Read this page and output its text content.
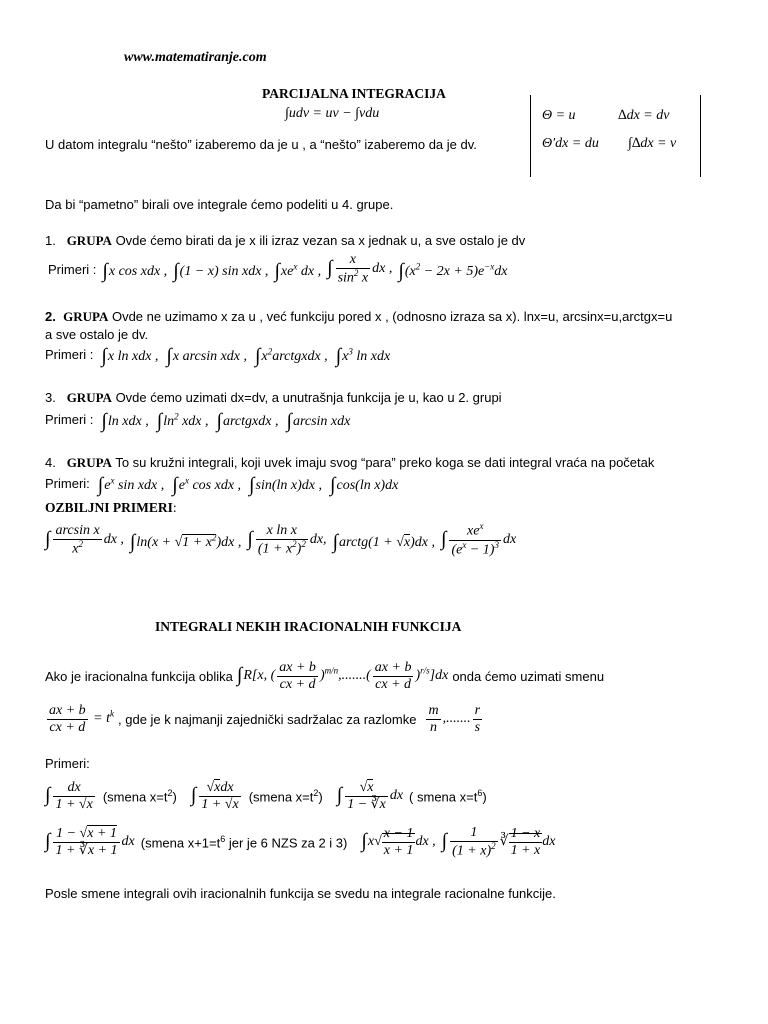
www.matematiranje.com
PARCIJALNA INTEGRACIJA
∫udv = uv − ∫vdu	Θ = u	∆dx = dv
Θ′dx = du ∫∆dx = v
U datom integralu “nešto” izaberemo da je u , a “nešto” izaberemo da je dv.
Da bi “pametno” birali ove integrale ćemo podeliti u 4. grupe.
1. GRUPA Ovde ćemo birati da je x ili izraz vezan sa x jednak u, a sve ostalo je dv
Primeri : ∫x cos xdx , ∫(1 − x) sin xdx , $\int xe^x$ dx , ∫ $\frac{x}{\sin^2 x}$ dx , $\int(x^2 - 2x + 5)e^{-x}dx$
2. GRUPA Ovde ne uzimamo x za u , već funkciju pored x , (odnosno izraza sa x). lnx=u, arcsinx=u,arctgx=u
a sve ostalo je dv.
Primeri : ∫x ln xdx , ∫x arcsin xdx , $\int x^2arctgxdx$ , $\int x^3$ ln xdx
3. GRUPA Ovde ćemo uzimati dx=dv, a unutrašnja funkcija je u, kao u 2. grupi
Primeri : ∫ln xdx , $\int\ln^2$ xdx , ∫arctgxdx , ∫arcsin xdx
4. GRUPA To su kružni integrali, koji uvek imaju svog “para” preko koga se dati integral vraća na početak
Primeri: $\int e^x$ sin xdx , $\int e^x$ cos xdx , ∫sin(ln x)dx , ∫cos(ln x)dx
OZBILJNI PRIMERI:
∫ $\frac{\text{arcsin x}}{x^2}$ dx , $\int\ln(x + √1 + x^2)dx$ , ∫ $\frac{\text{x ln x}}{(1 + x^2)^2}$ dx, ∫arctg(1 + √x)dx , ∫	$xe^x$
$(e^x - 1)^3$ dx
INTEGRALI NEKIH IRACIONALNIH FUNKCIJA
Ako je iracionalna funkcija oblika ∫R[x, ( $\frac{ax + b}{cx + d} )^{m/n},.......( \frac{ax + b}{cx + d} )^{r/s}]dx$ onda ćemo uzimati smenu
$\frac{ax + b}{cx + d} = t^k$ , gde je k najmanji zajednički sadržalac za razlomke $\frac{m}{n}$ ,....... $\frac{r}{s}$
Primeri:
∫ $\frac{dx}{1 + √x}$ (smena $x=t^2$) ∫ √xdx
1 + √x (smena $x=t^2$) ∫ $\frac{√x}{1 - ∛x}$ dx ( smena $x=t^6$)
∫ $\frac{1 - √x + 1}{1 + ∛x + 1}$ dx (smena $x+1=t^6$ jer je 6 NZS za 2 i 3) $\int x√ \frac{x - 1}{x + 1}$ dx , ∫ $\frac{1}{(1 + x)^2}$ ∛ $\frac{1 - x}{1 + x}$ dx
Posle smene integrali ovih iracionalnih funkcija se svedu na integrale racionalne funkcije.
